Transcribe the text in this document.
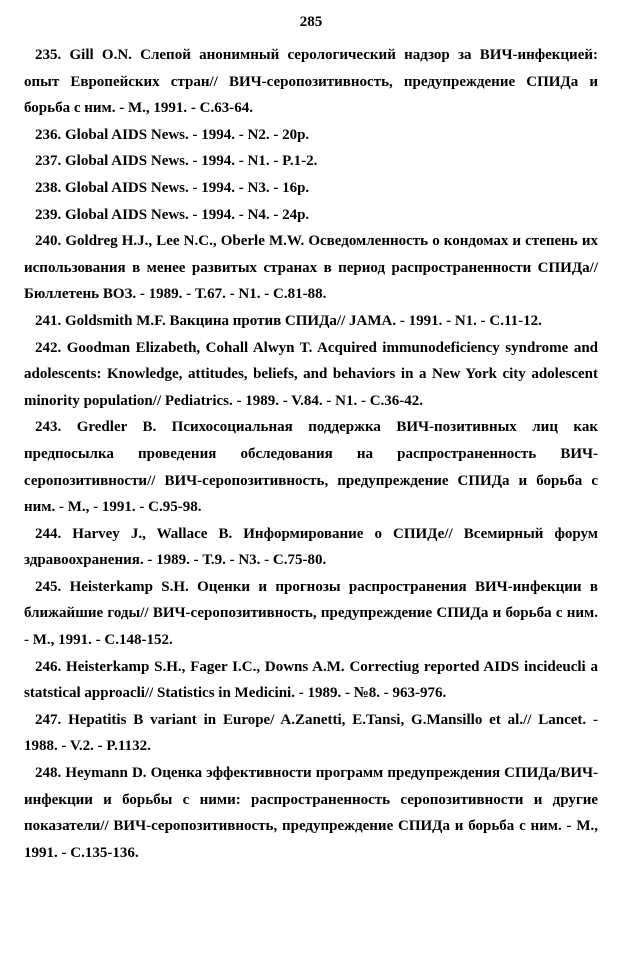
285
235. Gill O.N. Слепой анонимный серологический надзор за ВИЧ-инфекцией: опыт Европейских стран// ВИЧ-серопозитивность, предупреждение СПИДа и борьба с ним. - М., 1991. - С.63-64.
236. Global AIDS News. - 1994. - N2. - 20p.
237. Global AIDS News. - 1994. - N1. - P.1-2.
238. Global AIDS News. - 1994. - N3. - 16p.
239. Global AIDS News. - 1994. - N4. - 24p.
240. Goldreg H.J., Lee N.C., Oberle M.W. Осведомленность о кондомах и степень их использования в менее развитых странах в период распространенности СПИДа// Бюллетень ВОЗ. - 1989. - Т.67. - N1. - С.81-88.
241. Goldsmith M.F. Вакцина против СПИДа// JAMA. - 1991. - N1. - С.11-12.
242. Goodman Elizabeth, Cohall Alwyn T. Acquired immunodeficiency syndrome and adolescents: Knowledge, attitudes, beliefs, and behaviors in a New York city adolescent minority population// Pediatrics. - 1989. - V.84. - N1. - С.36-42.
243. Gredler B. Психосоциальная поддержка ВИЧ-позитивных лиц как предпосылка проведения обследования на распространенность ВИЧ-серопозитивности// ВИЧ-серопозитивность, предупреждение СПИДа и борьба с ним. - М., - 1991. - С.95-98.
244. Harvey J., Wallace B. Информирование о СПИДе// Всемирный форум здравоохранения. - 1989. - Т.9. - N3. - С.75-80.
245. Heisterkamp S.H. Оценки и прогнозы распространения ВИЧ-инфекции в ближайшие годы// ВИЧ-серопозитивность, предупреждение СПИДа и борьба с ним. - М., 1991. - С.148-152.
246. Heisterkamp S.H., Fager I.C., Downs A.M. Correctiug reported AIDS incideucli a statstical approacli// Statistics in Medicini. - 1989. - №8. - 963-976.
247. Hepatitis B variant in Europe/ A.Zanetti, E.Tansi, G.Mansillo et al.// Lancet. - 1988. - V.2. - P.1132.
248. Heymann D. Оценка эффективности программ предупреждения СПИДа/ВИЧ-инфекции и борьбы с ними: распространенность серопозитивности и другие показатели// ВИЧ-серопозитивность, предупреждение СПИДа и борьба с ним. - М., 1991. - С.135-136.
